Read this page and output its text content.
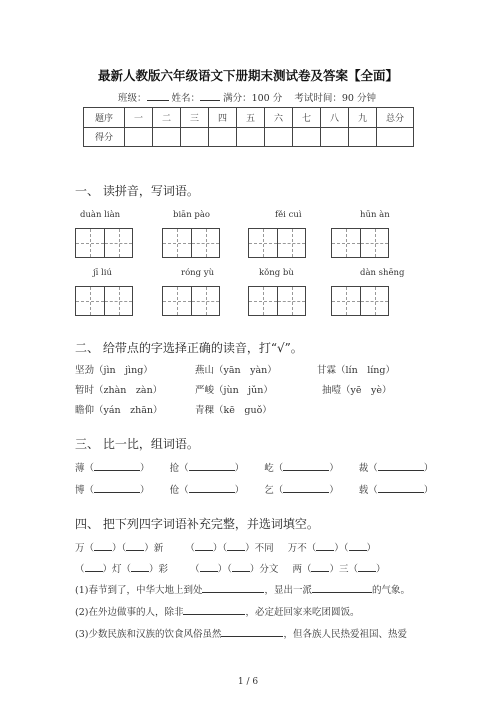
最新人教版六年级语文下册期末测试卷及答案【全面】
班级：	姓名： 满分：100 分 考试时间：90 分钟
题序	一	二	三	四	五	六	七	八	九	总分
得分										
一、 读拼音，写词语。
duàn liàn	biān pào	fěi cuì	hūn àn
jī liú	róng yù	kǒng bù	dàn shēng
二、 给带点的字选择正确的读音，打“√”。
坚劲（jìn　jìng）	燕山（yān　yàn）	甘霖（lín　líng）
暂时（zhàn　zàn）	严峻（jùn　jǔn）	抽噎（yē　yè）
瞻仰（yán　zhān）	青稞（kē　guǒ）
三、 比一比，组词语。
薄（	） 抢（	） 屹（	） 裁（	）
博（	） 伧（	） 乞（	） 载（	）
四、 把下列四字词语补充完整，并选词填空。
万（ ）（ ）新 （ ）（ ）不同 万不（ ）（ ）
（ ）灯（ ）彩 （ ）（ ）分文 两（ ）三（ ）
(1)春节到了，中华大地上到处	，显出一派	的气象。
(2)在外边做事的人，除非	，必定赶回家来吃团圆饭。
(3)少数民族和汉族的饮食风俗虽然	，但各族人民热爱祖国、热爱
1 / 6
